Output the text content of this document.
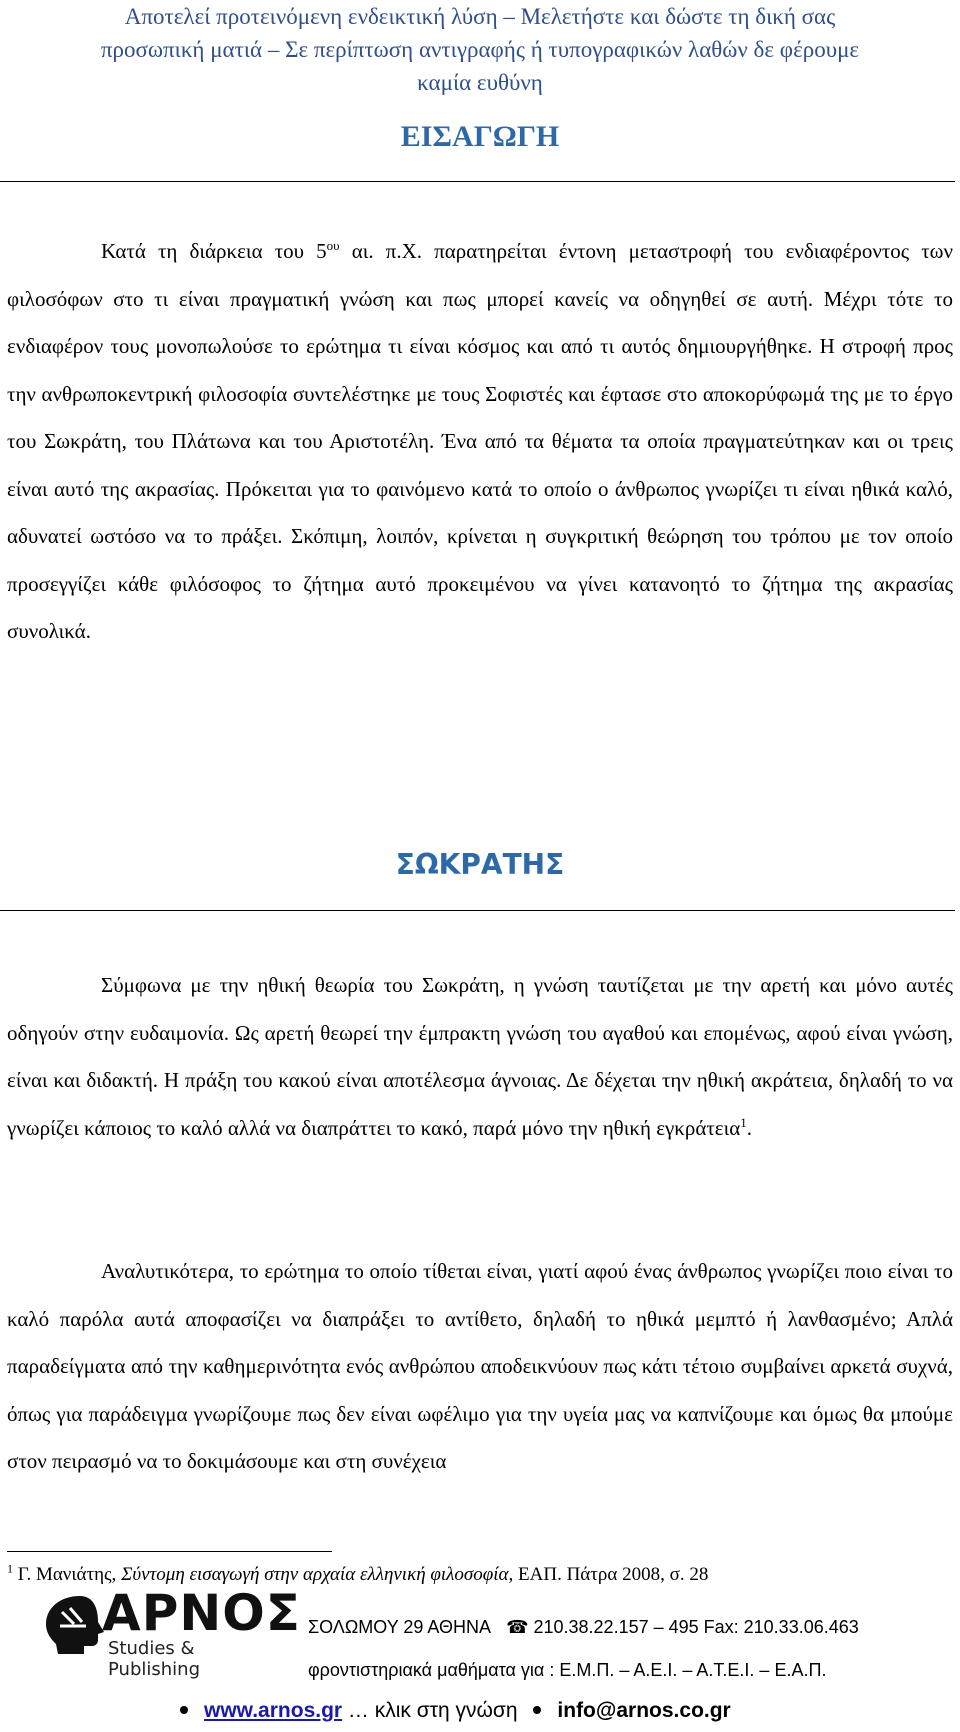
Αποτελεί προτεινόμενη ενδεικτική λύση – Μελετήστε και δώστε τη δική σας
προσωπική ματιά – Σε περίπτωση αντιγραφής ή τυπογραφικών λαθών δε φέρουμε
καμία ευθύνη
ΕΙΣΑΓΩΓΗ
Κατά τη διάρκεια του $5^{o\upsilon}$ αι. π.Χ. παρατηρείται έντονη μεταστροφή του ενδιαφέροντος των φιλοσόφων στο τι είναι πραγματική γνώση και πως μπορεί κανείς να οδηγηθεί σε αυτή. Μέχρι τότε το ενδιαφέρον τους μονοπωλούσε το ερώτημα τι είναι κόσμος και από τι αυτός δημιουργήθηκε. Η στροφή προς την ανθρωποκεντρική φιλοσοφία συντελέστηκε με τους Σοφιστές και έφτασε στο αποκορύφωμά της με το έργο του Σωκράτη, του Πλάτωνα και του Αριστοτέλη. Ένα από τα θέματα τα οποία πραγματεύτηκαν και οι τρεις είναι αυτό της ακρασίας. Πρόκειται για το φαινόμενο κατά το οποίο ο άνθρωπος γνωρίζει τι είναι ηθικά καλό, αδυνατεί ωστόσο να το πράξει. Σκόπιμη, λοιπόν, κρίνεται η συγκριτική θεώρηση του τρόπου με τον οποίο προσεγγίζει κάθε φιλόσοφος το ζήτημα αυτό προκειμένου να γίνει κατανοητό το ζήτημα της ακρασίας συνολικά.
ΣΩΚΡΑΤΗΣ
Σύμφωνα με την ηθική θεωρία του Σωκράτη, η γνώση ταυτίζεται με την αρετή και μόνο αυτές οδηγούν στην ευδαιμονία. Ως αρετή θεωρεί την έμπρακτη γνώση του αγαθού και επομένως, αφού είναι γνώση, είναι και διδακτή. Η πράξη του κακού είναι αποτέλεσμα άγνοιας. Δε δέχεται την ηθική ακράτεια, δηλαδή το να γνωρίζει κάποιος το καλό αλλά να διαπράττει το κακό, παρά μόνο την ηθική εγκράτεια$^1$.
Αναλυτικότερα, το ερώτημα το οποίο τίθεται είναι, γιατί αφού ένας άνθρωπος γνωρίζει ποιο είναι το καλό παρόλα αυτά αποφασίζει να διαπράξει το αντίθετο, δηλαδή το ηθικά μεμπτό ή λανθασμένο; Απλά παραδείγματα από την καθημερινότητα ενός ανθρώπου αποδεικνύουν πως κάτι τέτοιο συμβαίνει αρκετά συχνά, όπως για παράδειγμα γνωρίζουμε πως δεν είναι ωφέλιμο για την υγεία μας να καπνίζουμε και όμως θα μπούμε στον πειρασμό να το δοκιμάσουμε και στη συνέχεια
$^1$ Γ. Μανιάτης, Σύντομη εισαγωγή στην αρχαία ελληνική φιλοσοφία, ΕΑΠ. Πάτρα 2008, σ. 28
ΑΡΝΟΣ
Studies & Publishing
ΣΟΛΩΜΟΥ 29 ΑΘΗΝΑ ☎ 210.38.22.157 – 495 Fax: 210.33.06.463
φροντιστηριακά μαθήματα για : Ε.Μ.Π. – Α.Ε.Ι. – Α.Τ.Ε.Ι. – Ε.Α.Π.
www.arnos.gr … κλικ στη γνώση info@arnos.co.gr
